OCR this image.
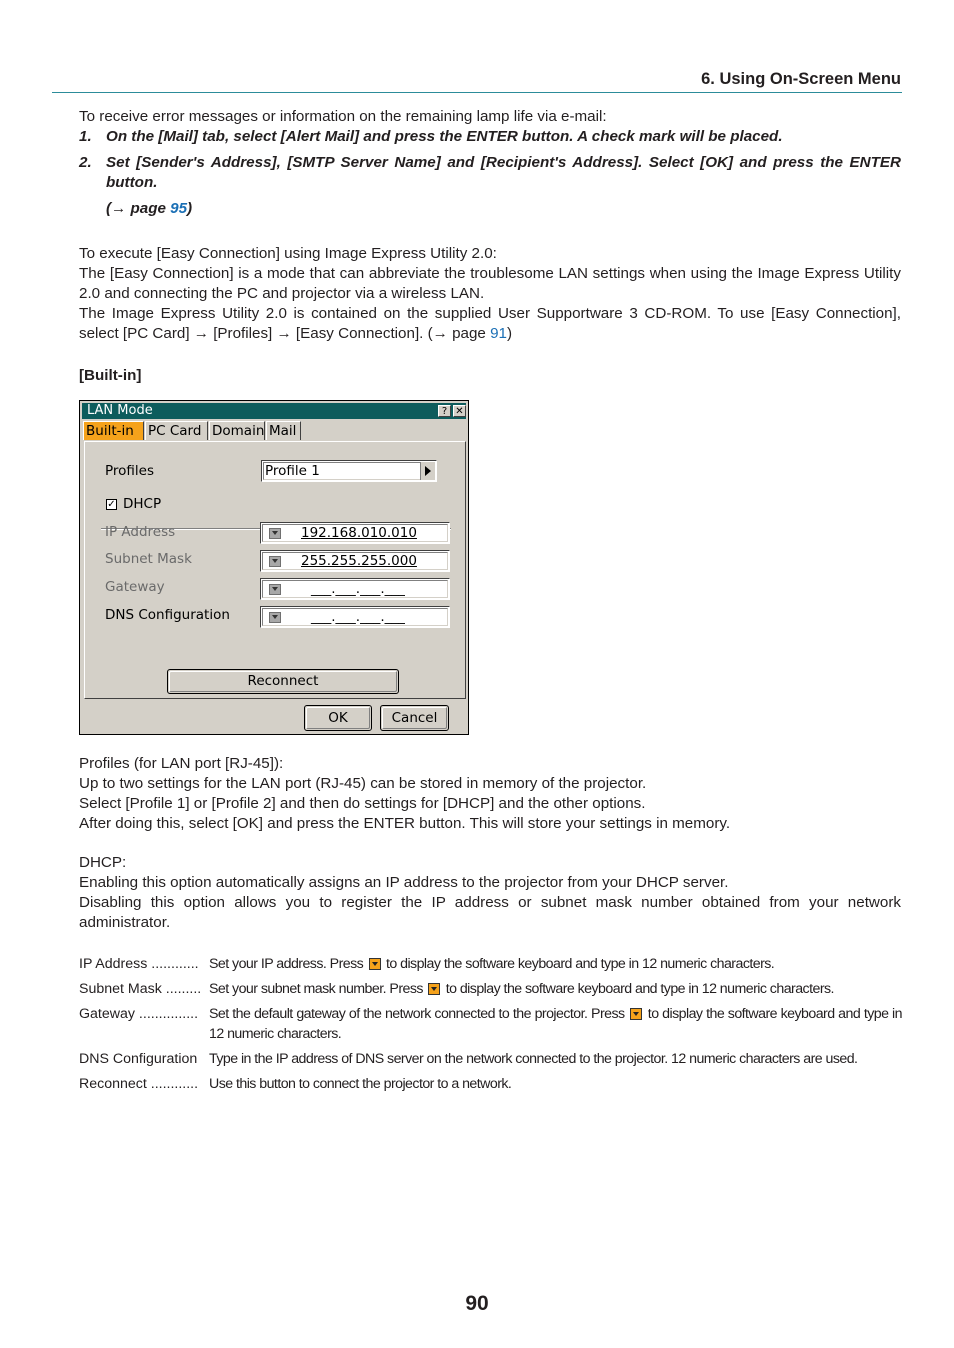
6. Using On-Screen Menu
To receive error messages or information on the remaining lamp life via e-mail:
1. On the [Mail] tab, select [Alert Mail] and press the ENTER button. A check mark will be placed.
2. Set [Sender's Address], [SMTP Server Name] and [Recipient's Address]. Select [OK] and press the ENTER button.
(→ page 95)
To execute [Easy Connection] using Image Express Utility 2.0:
The [Easy Connection] is a mode that can abbreviate the troublesome LAN settings when using the Image Express Utility 2.0 and connecting the PC and projector via a wireless LAN.
The Image Express Utility 2.0 is contained on the supplied User Supportware 3 CD-ROM. To use [Easy Connection], select [PC Card] → [Profiles] → [Easy Connection]. (→ page 91)
[Built-in]
LAN Mode	? ✕
Built-in	PC Card Domain Mail
Profiles	Profile 1
✓ DHCP
IP Address	192.168.010.010
Subnet Mask	255.255.255.000
Gateway	___.___.___.___
DNS Configuration	___.___.___.___
Reconnect
OK	Cancel
Profiles (for LAN port [RJ-45]):
Up to two settings for the LAN port (RJ-45) can be stored in memory of the projector.
Select [Profile 1] or [Profile 2] and then do settings for [DHCP] and the other options.
After doing this, select [OK] and press the ENTER button. This will store your settings in memory.
DHCP:
Enabling this option automatically assigns an IP address to the projector from your DHCP server.
Disabling this option allows you to register the IP address or subnet mask number obtained from your network administrator.
IP Address ............ Set your IP address. Press  to display the software keyboard and type in 12 numeric characters.
Subnet Mask ......... Set your subnet mask number. Press  to display the software keyboard and type in 12 numeric characters.
Gateway ............... Set the default gateway of the network connected to the projector. Press  to display the software keyboard and type in 12 numeric characters.
DNS Configuration Type in the IP address of DNS server on the network connected to the projector. 12 numeric characters are used.
Reconnect ............ Use this button to connect the projector to a network.
90
